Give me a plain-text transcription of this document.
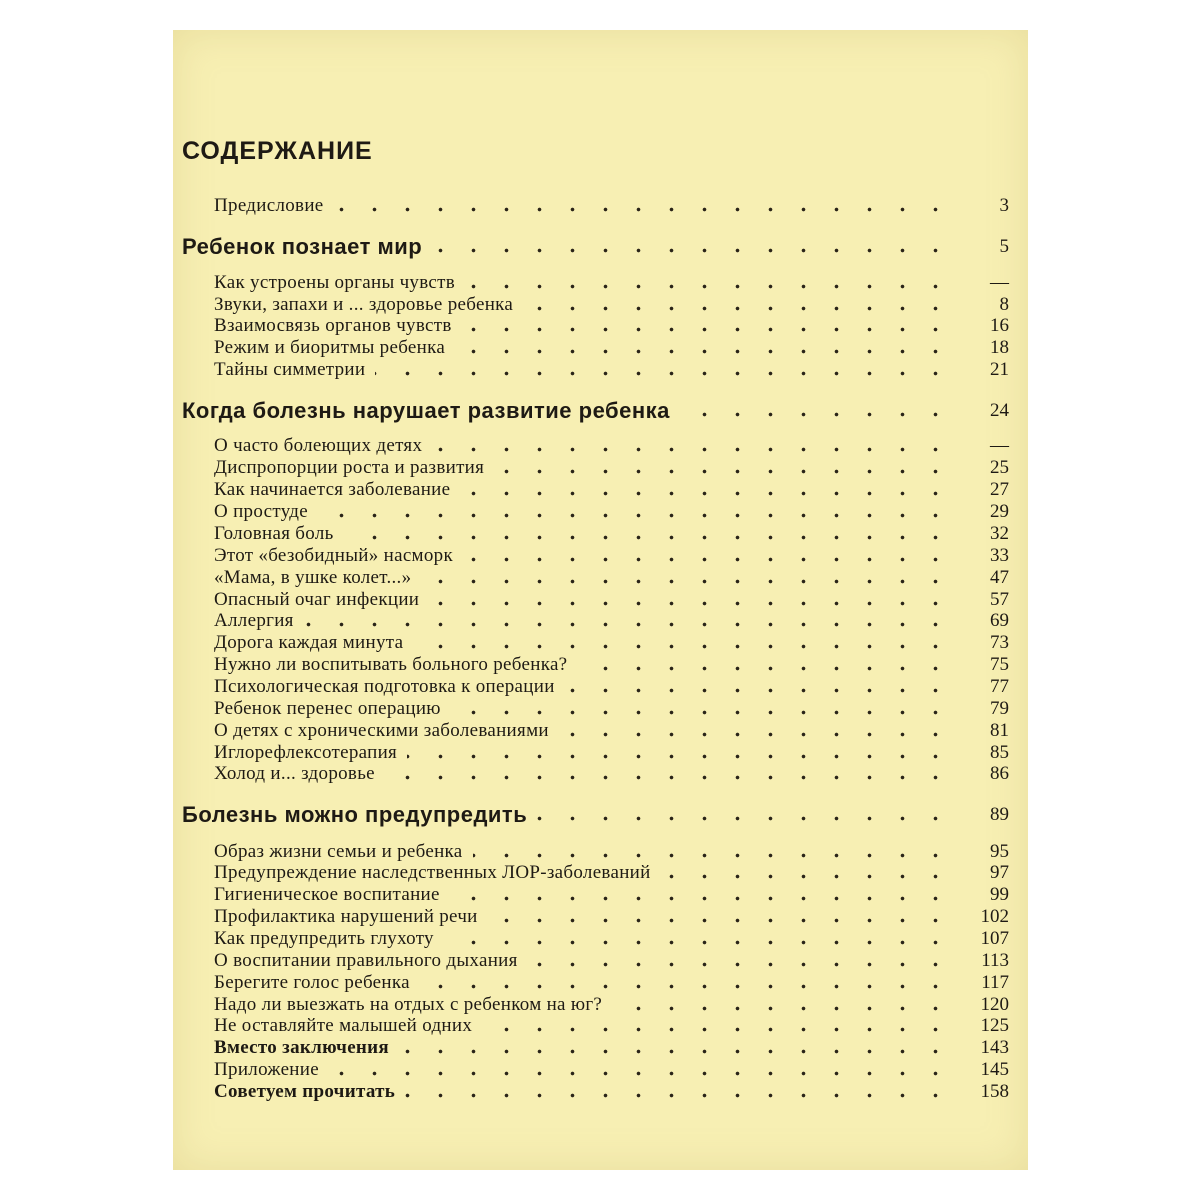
СОДЕРЖАНИЕ
Предисловие	3
Ребенок познает мир	5
Как устроены органы чувств	—
Звуки, запахи и ... здоровье ребенка	8
Взаимосвязь органов чувств	16
Режим и биоритмы ребенка	18
Тайны симметрии	21
Когда болезнь нарушает развитие ребенка	24
О часто болеющих детях	—
Диспропорции роста и развития	25
Как начинается заболевание	27
О простуде	29
Головная боль	32
Этот «безобидный» насморк	33
«Мама, в ушке колет...»	47
Опасный очаг инфекции	57
Аллергия	69
Дорога каждая минута	73
Нужно ли воспитывать больного ребенка?	75
Психологическая подготовка к операции	77
Ребенок перенес операцию	79
О детях с хроническими заболеваниями	81
Иглорефлексотерапия	85
Холод и... здоровье	86
Болезнь можно предупредить	89
Образ жизни семьи и ребенка	95
Предупреждение наследственных ЛОР-заболеваний	97
Гигиеническое воспитание	99
Профилактика нарушений речи	102
Как предупредить глухоту	107
О воспитании правильного дыхания	113
Берегите голос ребенка	117
Надо ли выезжать на отдых с ребенком на юг?	120
Не оставляйте малышей одних	125
Вместо заключения	143
Приложение	145
Советуем прочитать	158
